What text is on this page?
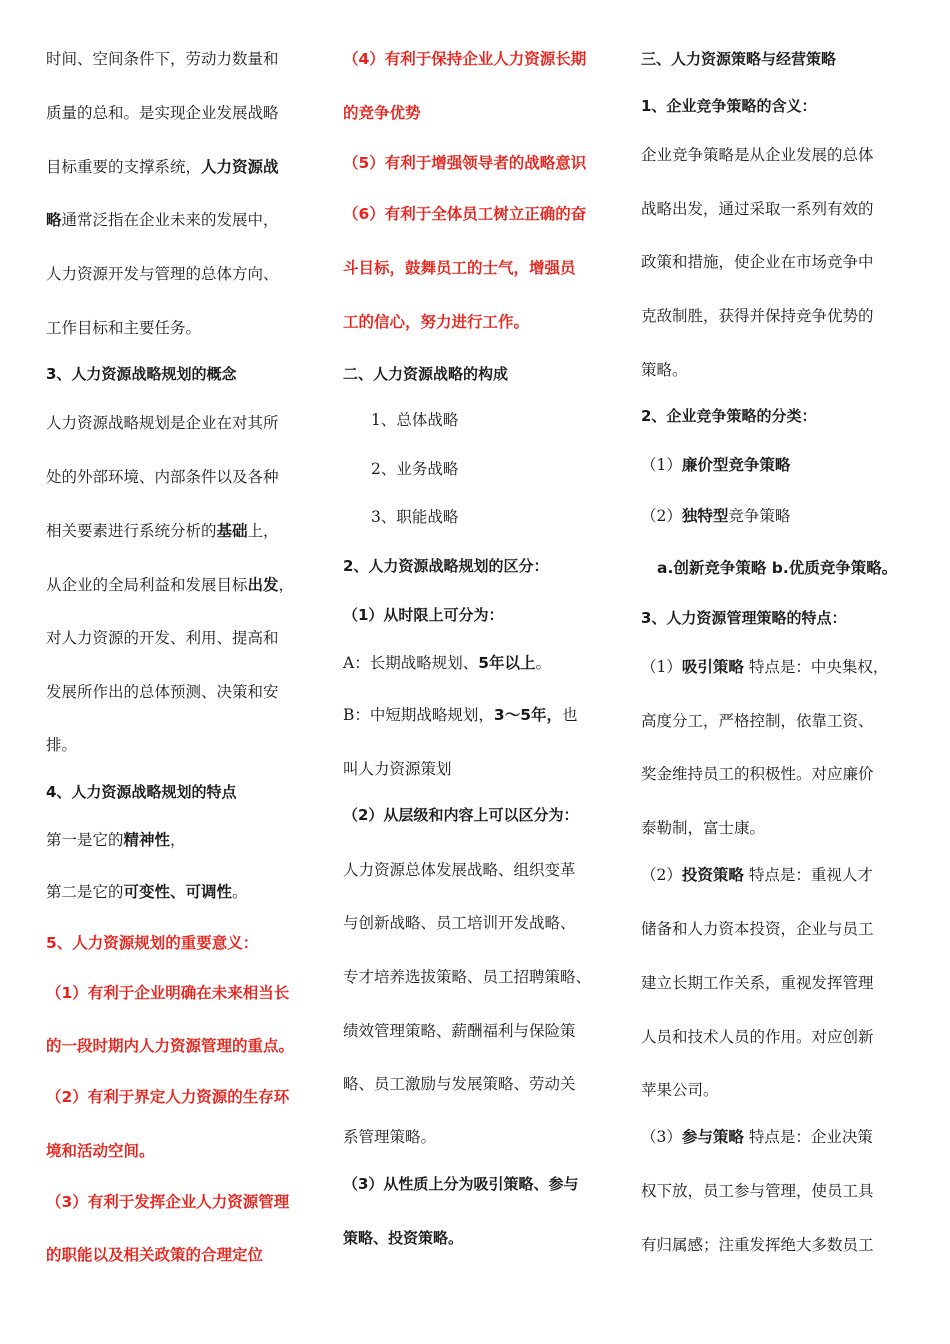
时间、空间条件下，劳动力数量和
质量的总和。是实现企业发展战略
目标重要的支撑系统，人力资源战
略通常泛指在企业未来的发展中，
人力资源开发与管理的总体方向、
工作目标和主要任务。
3、人力资源战略规划的概念
人力资源战略规划是企业在对其所
处的外部环境、内部条件以及各种
相关要素进行系统分析的基础上，
从企业的全局利益和发展目标出发，
对人力资源的开发、利用、提高和
发展所作出的总体预测、决策和安
排。
4、人力资源战略规划的特点
第一是它的精神性，
第二是它的可变性、可调性。
5、人力资源规划的重要意义：
（1）有利于企业明确在未来相当长
的一段时期内人力资源管理的重点。
（2）有利于界定人力资源的生存环
境和活动空间。
（3）有利于发挥企业人力资源管理
的职能以及相关政策的合理定位
（4）有利于保持企业人力资源长期
的竞争优势
（5）有利于增强领导者的战略意识
（6）有利于全体员工树立正确的奋
斗目标，鼓舞员工的士气，增强员
工的信心，努力进行工作。
二、人力资源战略的构成
1、总体战略
2、业务战略
3、职能战略
2、人力资源战略规划的区分：
（1）从时限上可分为：
A：长期战略规划、5年以上。
B：中短期战略规划，3～5年，也
叫人力资源策划
（2）从层级和内容上可以区分为：
人力资源总体发展战略、组织变革
与创新战略、员工培训开发战略、
专才培养选拔策略、员工招聘策略、
绩效管理策略、薪酬福利与保险策
略、员工激励与发展策略、劳动关
系管理策略。
（3）从性质上分为吸引策略、参与
策略、投资策略。
三、人力资源策略与经营策略
1、企业竞争策略的含义：
企业竞争策略是从企业发展的总体
战略出发，通过采取一系列有效的
政策和措施，使企业在市场竞争中
克敌制胜，获得并保持竞争优势的
策略。
2、企业竞争策略的分类：
（1）廉价型竞争策略
（2）独特型竞争策略
a.创新竞争策略 b.优质竞争策略。
3、人力资源管理策略的特点：
（1）吸引策略 特点是：中央集权，
高度分工，严格控制，依靠工资、
奖金维持员工的积极性。对应廉价
泰勒制，富士康。
（2）投资策略 特点是：重视人才
储备和人力资本投资，企业与员工
建立长期工作关系，重视发挥管理
人员和技术人员的作用。对应创新
苹果公司。
（3）参与策略 特点是：企业决策
权下放，员工参与管理，使员工具
有归属感；注重发挥绝大多数员工
